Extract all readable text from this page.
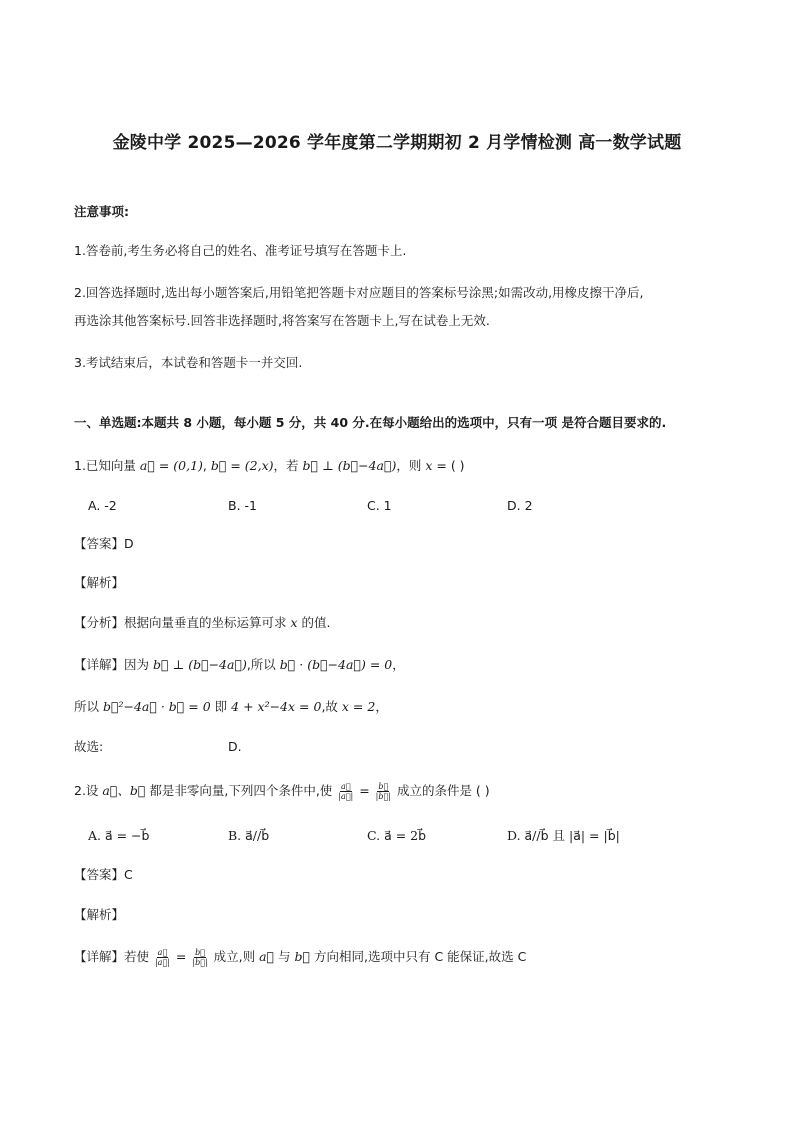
金陵中学 2025—2026 学年度第二学期期初 2 月学情检测 高一数学试题
注意事项:
1.答卷前,考生务必将自己的姓名、准考证号填写在答题卡上.
2.回答选择题时,选出每小题答案后,用铅笔把答题卡对应题目的答案标号涂黑;如需改动,用橡皮擦干净后,
再选涂其他答案标号.回答非选择题时,将答案写在答题卡上,写在试卷上无效.
3.考试结束后，本试卷和答题卡一并交回.
一、单选题:本题共 8 小题，每小题 5 分，共 40 分.在每小题给出的选项中，只有一项 是符合题目要求的.
1.已知向量 a⃗ = (0,1), b⃗ = (2,x)，若 b⃗ ⊥ (b⃗−4a⃗)，则 x = ( )
A. -2	B. -1	C. 1	D. 2
【答案】D
【解析】
【分析】根据向量垂直的坐标运算可求 x 的值.
【详解】因为 b⃗ ⊥ (b⃗−4a⃗),所以 b⃗ · (b⃗−4a⃗) = 0，
所以 b⃗²−4a⃗ · b⃗ = 0 即 4 + x²−4x = 0,故 x = 2，
故选:	D.
2.设 a⃗、b⃗ 都是非零向量,下列四个条件中,使 $\frac{a⃗}{|a⃗|} = \frac{b⃗}{|b⃗|}$ 成立的条件是 ( )
A. a⃗ = −b⃗	B. a⃗//b⃗	C. a⃗ = 2b⃗	D. a⃗//b⃗ 且 |a⃗| = |b⃗|
【答案】C
【解析】
【详解】若使 $\frac{a⃗}{|a⃗|} = \frac{b⃗}{|b⃗|}$ 成立,则 a⃗ 与 b⃗ 方向相同,选项中只有 C 能保证,故选 C
